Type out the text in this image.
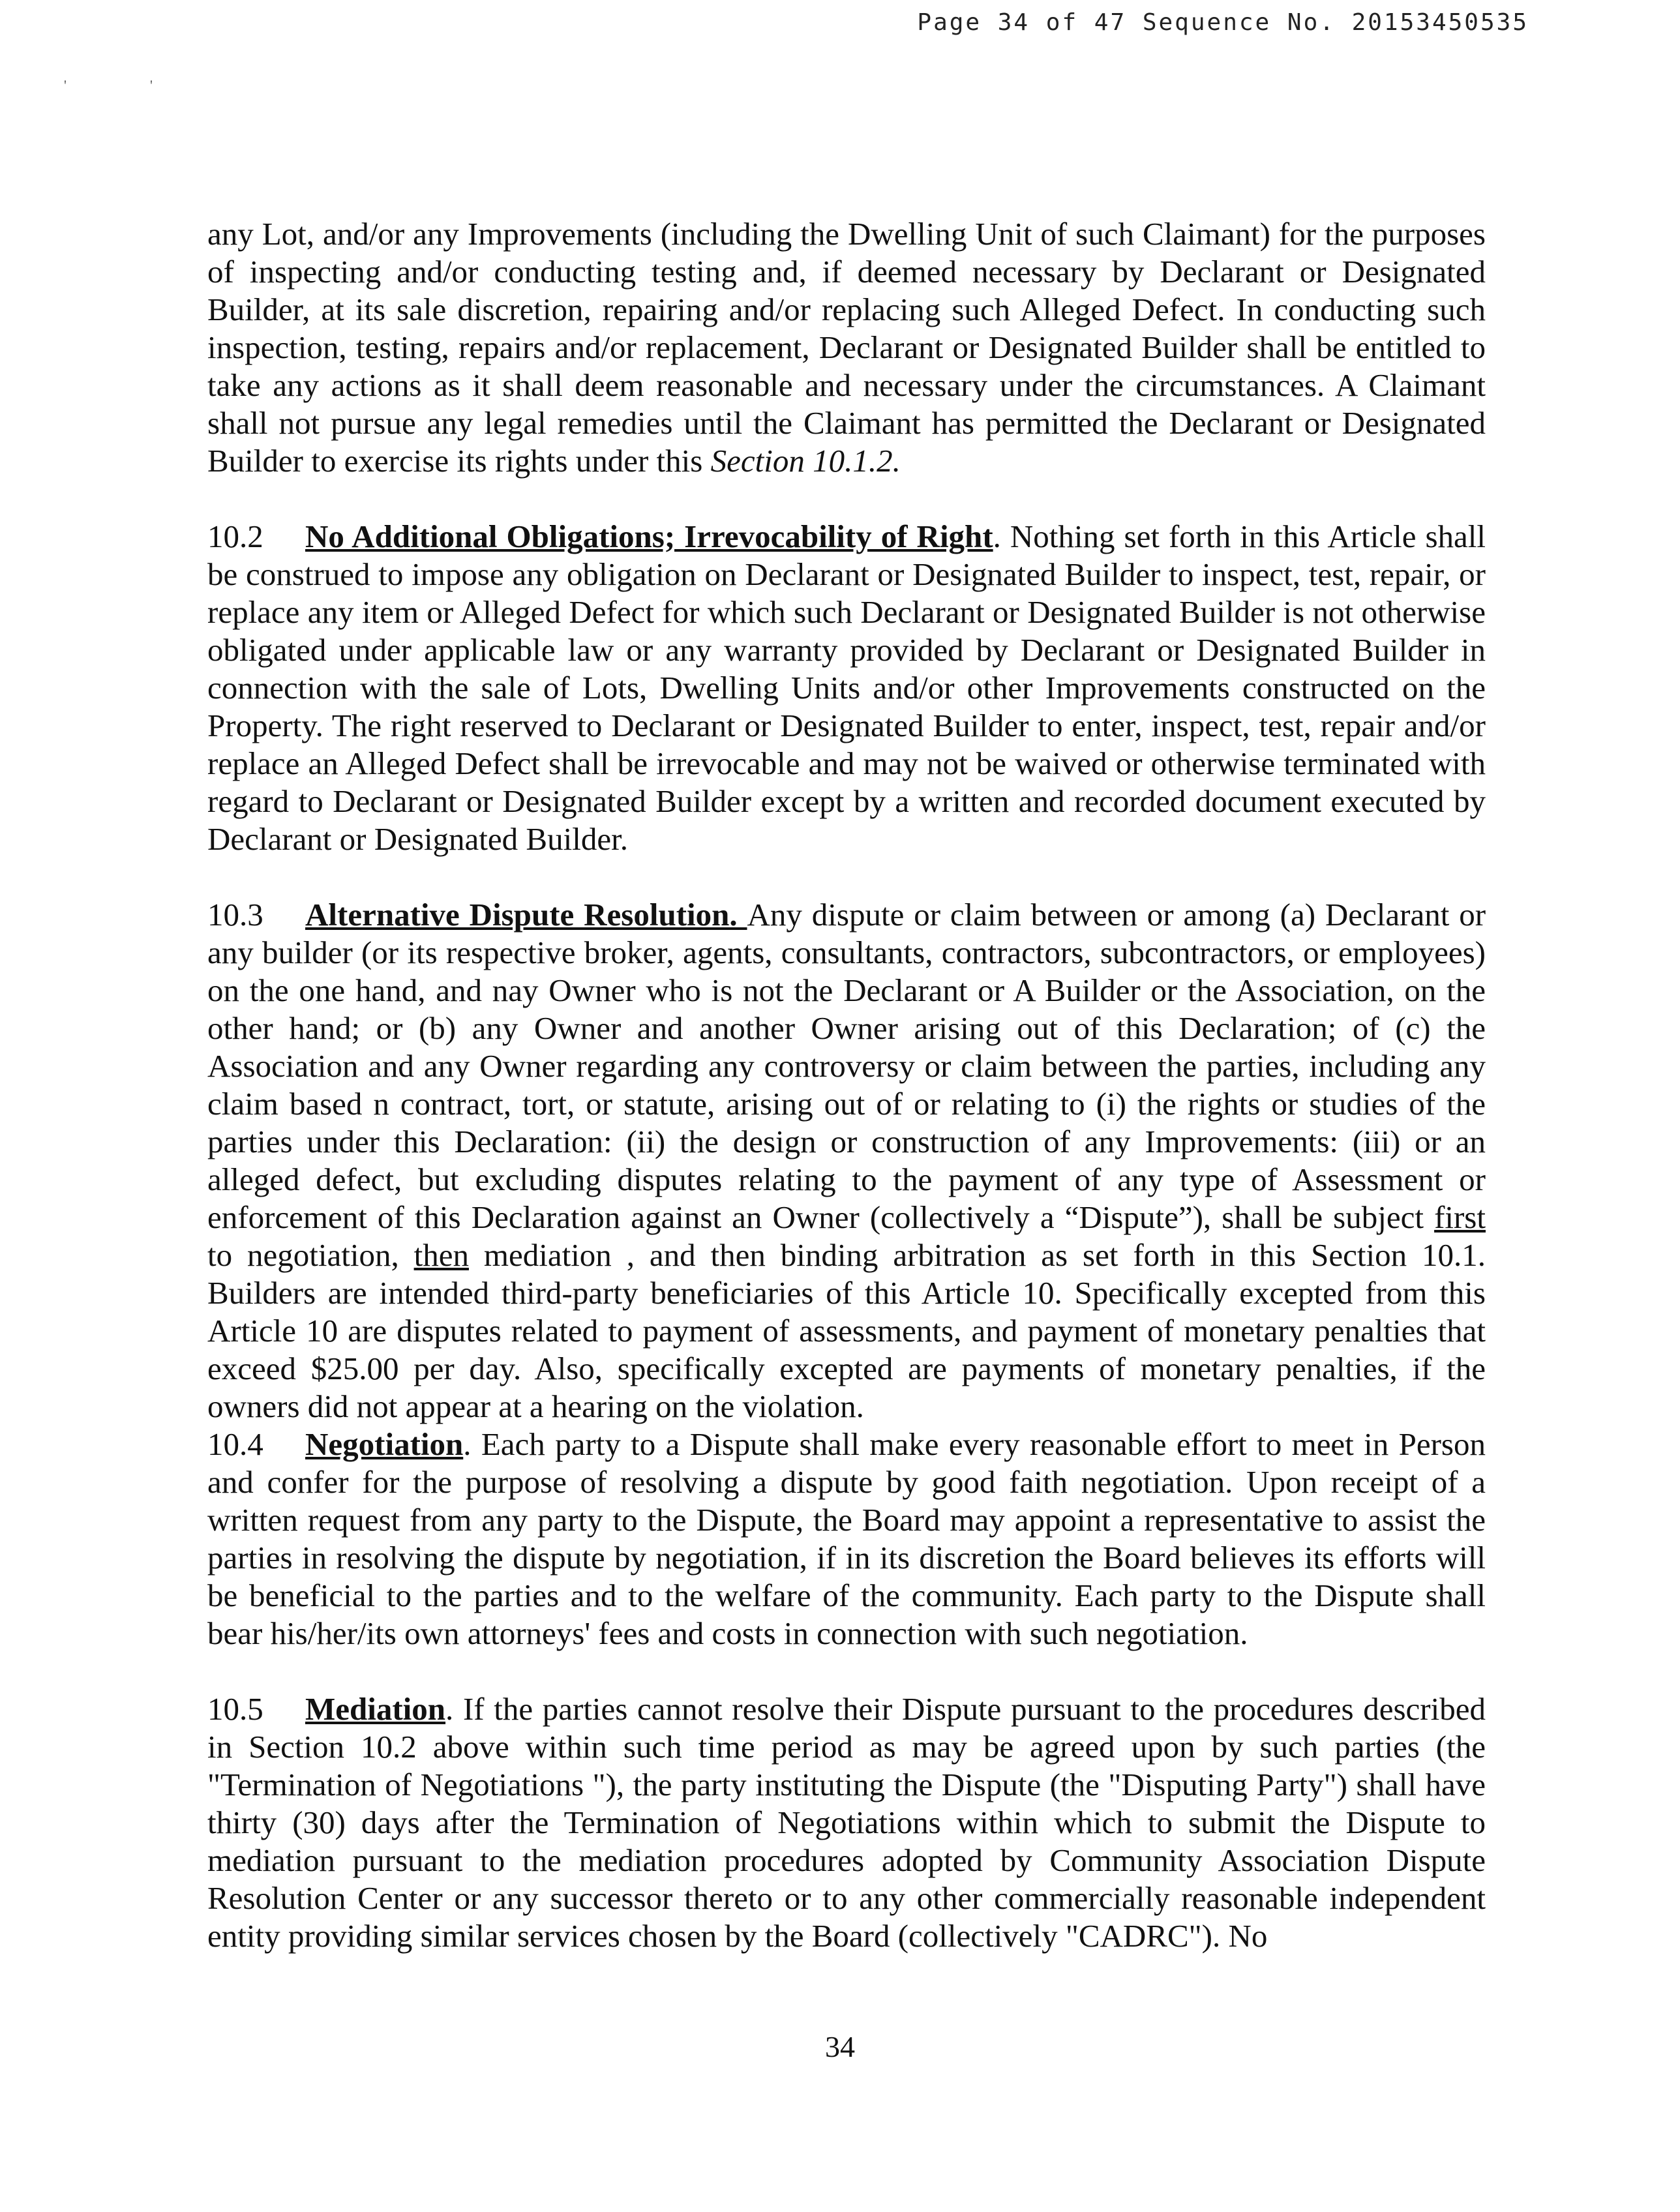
Page 34 of 47 Sequence No. 20153450535
'	'

any Lot, and/or any Improvements (including the Dwelling Unit of such Claimant) for the purposes of inspecting and/or conducting testing and, if deemed necessary by Declarant or Designated Builder, at its sale discretion, repairing and/or replacing such Alleged Defect. In conducting such inspection, testing, repairs and/or replacement, Declarant or Designated Builder shall be entitled to take any actions as it shall deem reasonable and necessary under the circumstances. A Claimant shall not pursue any legal remedies until the Claimant has permitted the Declarant or Designated Builder to exercise its rights under this Section 10.1.2.

10.2 No Additional Obligations; Irrevocability of Right. Nothing set forth in this Article shall be construed to impose any obligation on Declarant or Designated Builder to inspect, test, repair, or replace any item or Alleged Defect for which such Declarant or Designated Builder is not otherwise obligated under applicable law or any warranty provided by Declarant or Designated Builder in connection with the sale of Lots, Dwelling Units and/or other Improvements constructed on the Property. The right reserved to Declarant or Designated Builder to enter, inspect, test, repair and/or replace an Alleged Defect shall be irrevocable and may not be waived or otherwise terminated with regard to Declarant or Designated Builder except by a written and recorded document executed by Declarant or Designated Builder.

10.3 Alternative Dispute Resolution. Any dispute or claim between or among (a) Declarant or any builder (or its respective broker, agents, consultants, contractors, subcontractors, or employees) on the one hand, and nay Owner who is not the Declarant or A Builder or the Association, on the other hand; or (b) any Owner and another Owner arising out of this Declaration; of (c) the Association and any Owner regarding any controversy or claim between the parties, including any claim based n contract, tort, or statute, arising out of or relating to (i) the rights or studies of the parties under this Declaration: (ii) the design or construction of any Improvements: (iii) or an alleged defect, but excluding disputes relating to the payment of any type of Assessment or enforcement of this Declaration against an Owner (collectively a “Dispute”), shall be subject first to negotiation, then mediation , and then binding arbitration as set forth in this Section 10.1. Builders are intended third-party beneficiaries of this Article 10. Specifically excepted from this Article 10 are disputes related to payment of assessments, and payment of monetary penalties that exceed $25.00 per day. Also, specifically excepted are payments of monetary penalties, if the owners did not appear at a hearing on the violation.

10.4 Negotiation. Each party to a Dispute shall make every reasonable effort to meet in Person and confer for the purpose of resolving a dispute by good faith negotiation. Upon receipt of a written request from any party to the Dispute, the Board may appoint a representative to assist the parties in resolving the dispute by negotiation, if in its discretion the Board believes its efforts will be beneficial to the parties and to the welfare of the community. Each party to the Dispute shall bear his/her/its own attorneys' fees and costs in connection with such negotiation.

10.5 Mediation. If the parties cannot resolve their Dispute pursuant to the procedures described in Section 10.2 above within such time period as may be agreed upon by such parties (the "Termination of Negotiations "), the party instituting the Dispute (the "Disputing Party") shall have thirty (30) days after the Termination of Negotiations within which to submit the Dispute to mediation pursuant to the mediation procedures adopted by Community Association Dispute Resolution Center or any successor thereto or to any other commercially reasonable independent entity providing similar services chosen by the Board (collectively "CADRC"). No

34
